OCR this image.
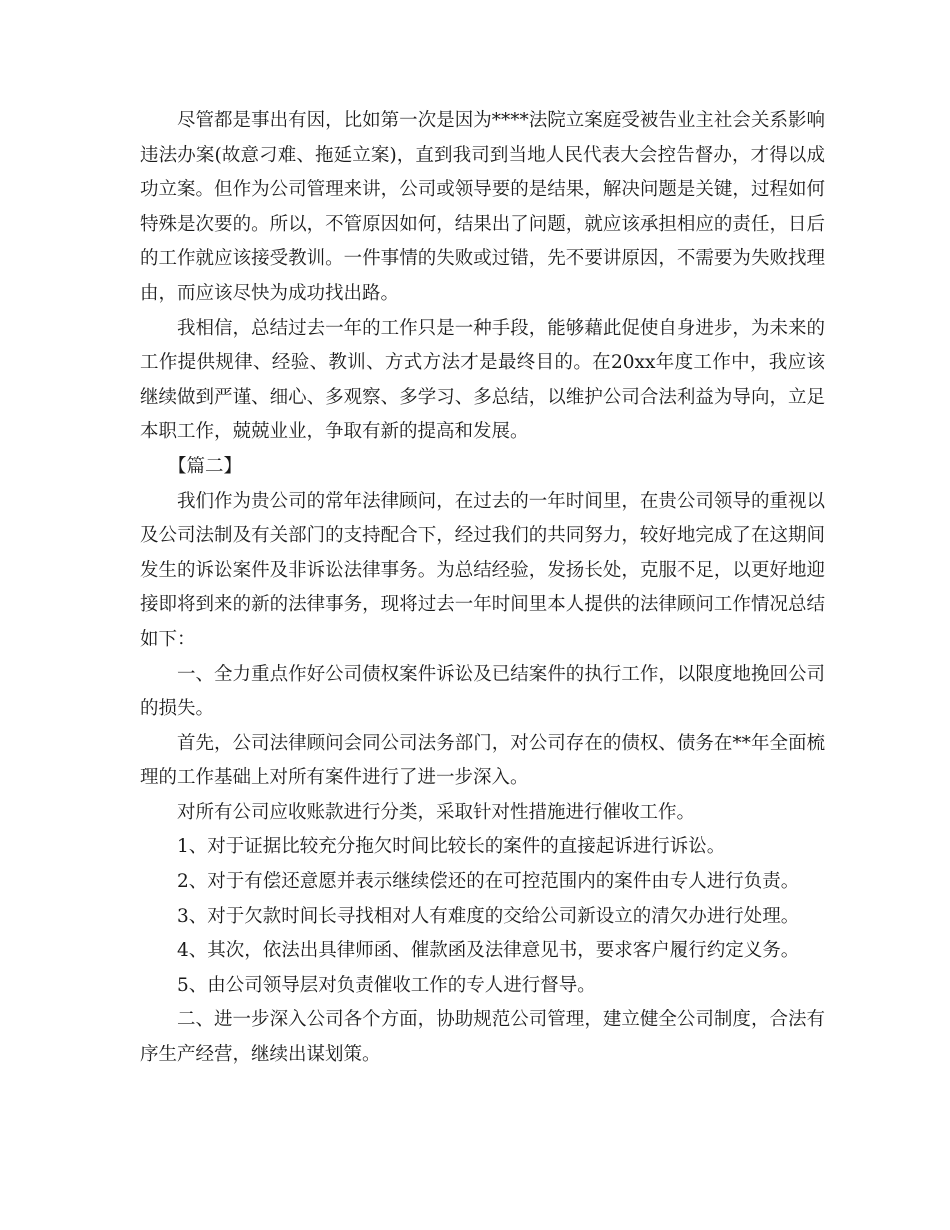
尽管都是事出有因，比如第一次是因为****法院立案庭受被告业主社会关系影响违法办案(故意刁难、拖延立案)，直到我司到当地人民代表大会控告督办，才得以成功立案。但作为公司管理来讲，公司或领导要的是结果，解决问题是关键，过程如何特殊是次要的。所以，不管原因如何，结果出了问题，就应该承担相应的责任，日后的工作就应该接受教训。一件事情的失败或过错，先不要讲原因，不需要为失败找理由，而应该尽快为成功找出路。

我相信，总结过去一年的工作只是一种手段，能够藉此促使自身进步，为未来的工作提供规律、经验、教训、方式方法才是最终目的。在20xx年度工作中，我应该继续做到严谨、细心、多观察、多学习、多总结，以维护公司合法利益为导向，立足本职工作，兢兢业业，争取有新的提高和发展。

【篇二】

我们作为贵公司的常年法律顾问，在过去的一年时间里，在贵公司领导的重视以及公司法制及有关部门的支持配合下，经过我们的共同努力，较好地完成了在这期间发生的诉讼案件及非诉讼法律事务。为总结经验，发扬长处，克服不足，以更好地迎接即将到来的新的法律事务，现将过去一年时间里本人提供的法律顾问工作情况总结如下：

一、全力重点作好公司债权案件诉讼及已结案件的执行工作，以限度地挽回公司的损失。

首先，公司法律顾问会同公司法务部门，对公司存在的债权、债务在**年全面梳理的工作基础上对所有案件进行了进一步深入。

对所有公司应收账款进行分类，采取针对性措施进行催收工作。

1、对于证据比较充分拖欠时间比较长的案件的直接起诉进行诉讼。

2、对于有偿还意愿并表示继续偿还的在可控范围内的案件由专人进行负责。

3、对于欠款时间长寻找相对人有难度的交给公司新设立的清欠办进行处理。

4、其次，依法出具律师函、催款函及法律意见书，要求客户履行约定义务。

5、由公司领导层对负责催收工作的专人进行督导。

二、进一步深入公司各个方面，协助规范公司管理，建立健全公司制度，合法有序生产经营，继续出谋划策。
